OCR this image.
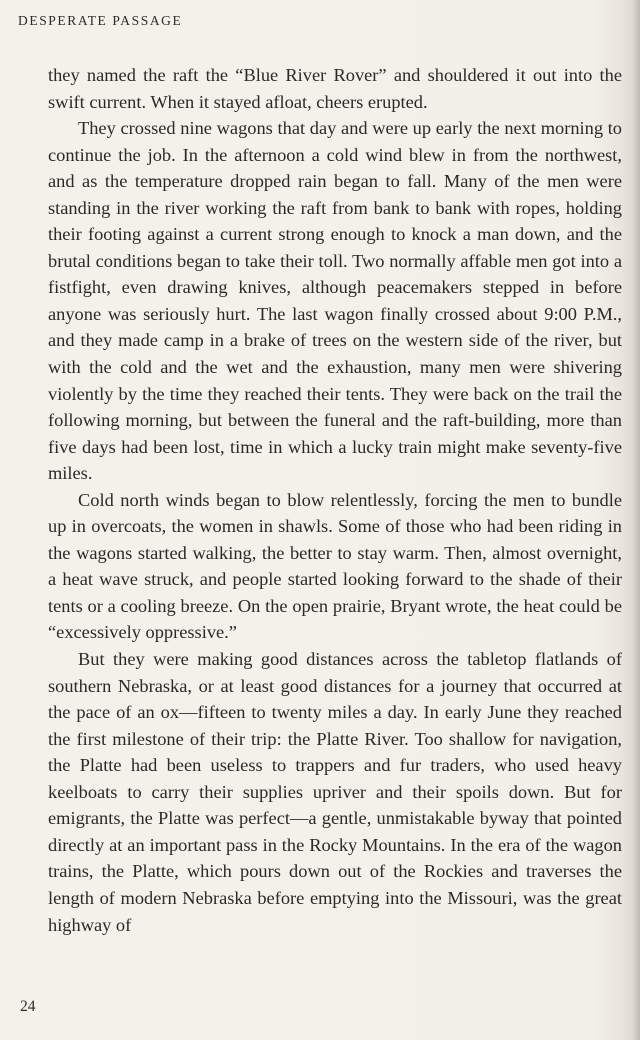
DESPERATE PASSAGE

they named the raft the “Blue River Rover” and shouldered it out into the swift current. When it stayed afloat, cheers erupted.

They crossed nine wagons that day and were up early the next morning to continue the job. In the afternoon a cold wind blew in from the northwest, and as the temperature dropped rain began to fall. Many of the men were standing in the river working the raft from bank to bank with ropes, holding their footing against a current strong enough to knock a man down, and the brutal conditions began to take their toll. Two normally affable men got into a fistfight, even drawing knives, although peacemakers stepped in before anyone was seriously hurt. The last wagon finally crossed about 9:00 P.M., and they made camp in a brake of trees on the western side of the river, but with the cold and the wet and the exhaustion, many men were shivering violently by the time they reached their tents. They were back on the trail the following morning, but between the funeral and the raft-building, more than five days had been lost, time in which a lucky train might make seventy-five miles.

Cold north winds began to blow relentlessly, forcing the men to bundle up in overcoats, the women in shawls. Some of those who had been riding in the wagons started walking, the better to stay warm. Then, almost overnight, a heat wave struck, and people started looking forward to the shade of their tents or a cooling breeze. On the open prairie, Bryant wrote, the heat could be “excessively oppressive.”

But they were making good distances across the tabletop flatlands of southern Nebraska, or at least good distances for a journey that occurred at the pace of an ox—fifteen to twenty miles a day. In early June they reached the first milestone of their trip: the Platte River. Too shallow for navigation, the Platte had been useless to trappers and fur traders, who used heavy keelboats to carry their supplies upriver and their spoils down. But for emigrants, the Platte was perfect—a gentle, unmistakable byway that pointed directly at an important pass in the Rocky Mountains. In the era of the wagon trains, the Platte, which pours down out of the Rockies and traverses the length of modern Nebraska before emptying into the Missouri, was the great highway of

24
